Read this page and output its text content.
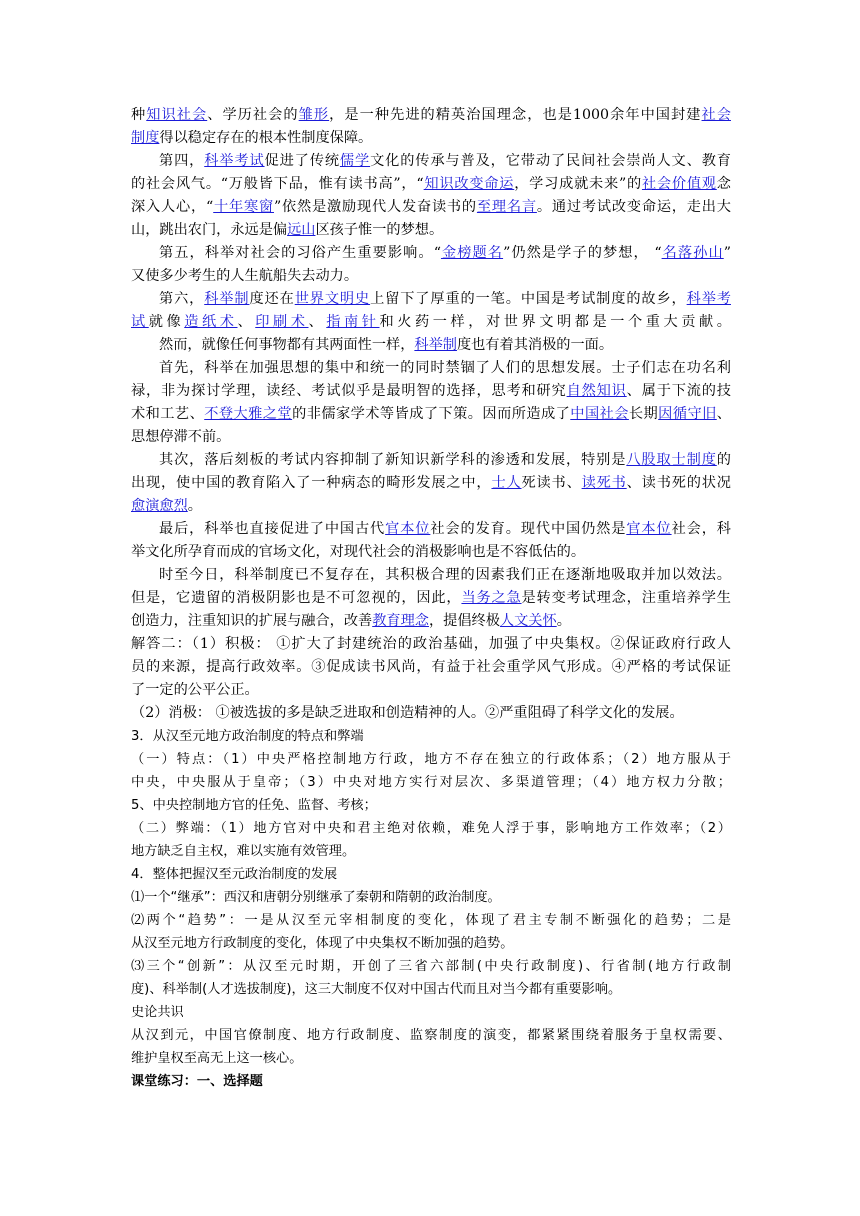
种知识社会、学历社会的雏形，是一种先进的精英治国理念，也是1000余年中国封建社会
制度得以稳定存在的根本性制度保障。
第四，科举考试促进了传统儒学文化的传承与普及，它带动了民间社会崇尚人文、教育
的社会风气。“万般皆下品，惟有读书高”，“知识改变命运，学习成就未来”的社会价值观念
深入人心，“十年寒窗”依然是激励现代人发奋读书的至理名言。通过考试改变命运，走出大
山，跳出农门，永远是偏远山区孩子惟一的梦想。
第五，科举对社会的习俗产生重要影响。“金榜题名”仍然是学子的梦想， “名落孙山”
又使多少考生的人生航船失去动力。
第六，科举制度还在世界文明史上留下了厚重的一笔。中国是考试制度的故乡，科举考
试就像造纸术、印刷术、指南针和火药一样，对世界文明都是一个重大贡献。
然而，就像任何事物都有其两面性一样，科举制度也有着其消极的一面。
首先，科举在加强思想的集中和统一的同时禁锢了人们的思想发展。士子们志在功名利
禄，非为探讨学理，读经、考试似乎是最明智的选择，思考和研究自然知识、属于下流的技
术和工艺、不登大雅之堂的非儒家学术等皆成了下策。因而所造成了中国社会长期因循守旧、
思想停滞不前。
其次，落后刻板的考试内容抑制了新知识新学科的渗透和发展，特别是八股取士制度的
出现，使中国的教育陷入了一种病态的畸形发展之中，士人死读书、读死书、读书死的状况
愈演愈烈。
最后，科举也直接促进了中国古代官本位社会的发育。现代中国仍然是官本位社会，科
举文化所孕育而成的官场文化，对现代社会的消极影响也是不容低估的。
时至今日，科举制度已不复存在，其积极合理的因素我们正在逐渐地吸取并加以效法。
但是，它遗留的消极阴影也是不可忽视的，因此，当务之急是转变考试理念，注重培养学生
创造力，注重知识的扩展与融合，改善教育理念，提倡终极人文关怀。
解答二：（1）积极： ①扩大了封建统治的政治基础，加强了中央集权。②保证政府行政人
员的来源，提高行政效率。③促成读书风尚，有益于社会重学风气形成。④严格的考试保证
了一定的公平公正。
（2）消极： ①被选拔的多是缺乏进取和创造精神的人。②严重阻碍了科学文化的发展。
3．从汉至元地方政治制度的特点和弊端
（一）特点：（1）中央严格控制地方行政，地方不存在独立的行政体系；（2）地方服从于
中央，中央服从于皇帝；（3）中央对地方实行对层次、多渠道管理；（4）地方权力分散；
5、中央控制地方官的任免、监督、考核；
（二）弊端：（1）地方官对中央和君主绝对依赖，难免人浮于事，影响地方工作效率；（2）
地方缺乏自主权，难以实施有效管理。
4．整体把握汉至元政治制度的发展
⑴一个“继承”：西汉和唐朝分别继承了秦朝和隋朝的政治制度。
⑵两个“趋势”：一是从汉至元宰相制度的变化，体现了君主专制不断强化的趋势；二是
从汉至元地方行政制度的变化，体现了中央集权不断加强的趋势。
⑶三个“创新”：从汉至元时期，开创了三省六部制(中央行政制度)、行省制(地方行政制
度)、科举制(人才选拔制度)，这三大制度不仅对中国古代而且对当今都有重要影响。
史论共识
从汉到元，中国官僚制度、地方行政制度、监察制度的演变，都紧紧围绕着服务于皇权需要、
维护皇权至高无上这一核心。
课堂练习：一、选择题
